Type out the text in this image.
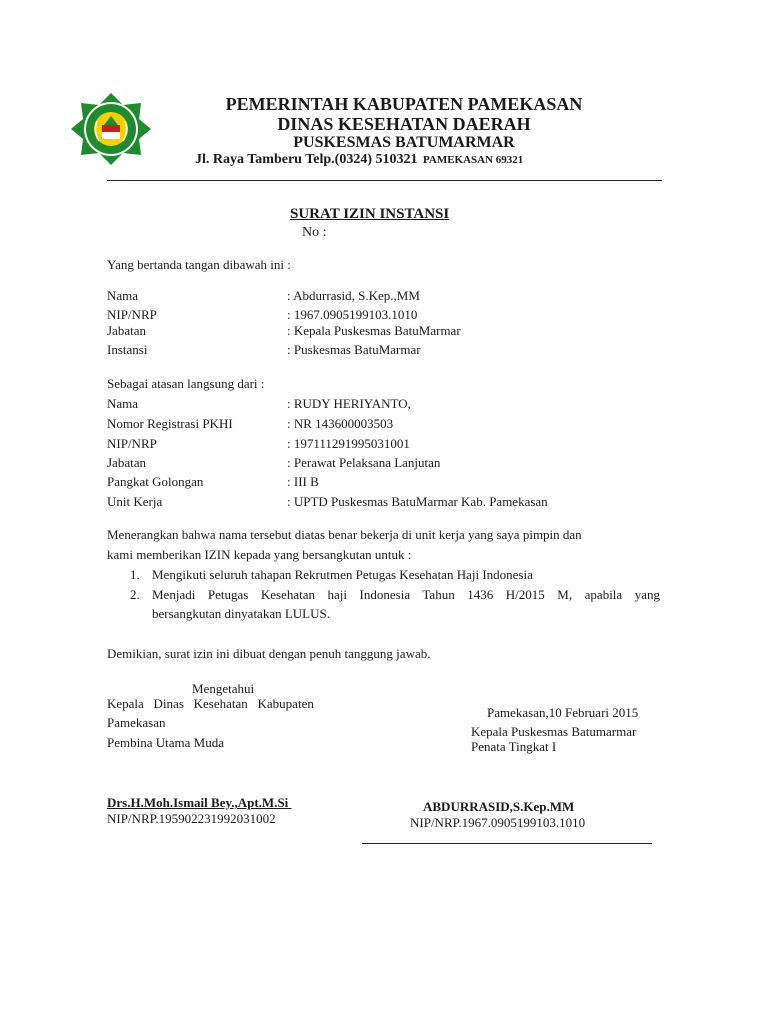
PEMERINTAH KABUPATEN PAMEKASAN
DINAS KESEHATAN DAERAH
PUSKESMAS BATUMARMAR
Jl. Raya Tamberu Telp.(0324) 510321 PAMEKASAN 69321
SURAT IZIN INSTANSI
No :
Yang bertanda tangan dibawah ini :
Nama	: Abdurrasid, S.Kep.,MM
NIP/NRP	: 1967.0905199103.1010
Jabatan	: Kepala Puskesmas BatuMarmar
Instansi	: Puskesmas BatuMarmar
Sebagai atasan langsung dari :
Nama	: RUDY HERIYANTO,
Nomor Registrasi PKHI	: NR 143600003503
NIP/NRP	: 197111291995031001
Jabatan	: Perawat Pelaksana Lanjutan
Pangkat Golongan	: III B
Unit Kerja	: UPTD Puskesmas BatuMarmar Kab. Pamekasan
Menerangkan bahwa nama tersebut diatas benar bekerja di unit kerja yang saya pimpin dan
kami memberikan IZIN kepada yang bersangkutan untuk :
1. Mengikuti seluruh tahapan Rekrutmen Petugas Kesehatan Haji Indonesia
2. Menjadi Petugas Kesehatan haji Indonesia Tahun 1436 H/2015 M, apabila yang
bersangkutan dinyatakan LULUS.
Demikian, surat izin ini dibuat dengan penuh tanggung jawab.
Mengetahui
Kepala   Dinas   Kesehatan   Kabupaten
Pamekasan
Pembina Utama Muda
Drs.H.Moh.Ismail Bey.,Apt.M.Si
NIP/NRP.195902231992031002
Pamekasan,10 Februari 2015
Kepala Puskesmas Batumarmar
Penata Tingkat I
ABDURRASID,S.Kep.MM
NIP/NRP.1967.0905199103.1010
